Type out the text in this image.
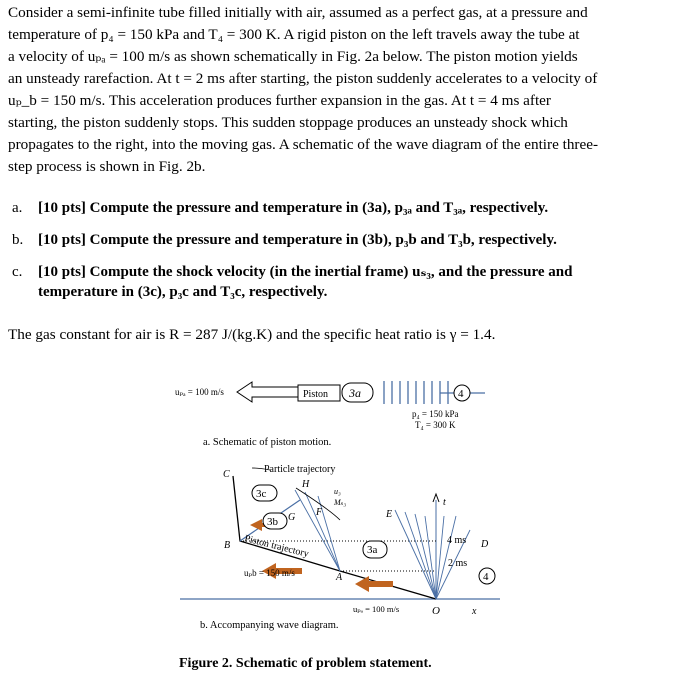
Consider a semi-infinite tube filled initially with air, assumed as a perfect gas, at a pressure and
temperature of p₄ = 150 kPa and T₄ = 300 K. A rigid piston on the left travels away the tube at
a velocity of uₚₐ = 100 m/s as shown schematically in Fig. 2a below. The piston motion yields
an unsteady rarefaction. At t = 2 ms after starting, the piston suddenly accelerates to a velocity of
uₚ_b = 150 m/s. This acceleration produces further expansion in the gas. At t = 4 ms after
starting, the piston suddenly stops. This sudden stoppage produces an unsteady shock which
propagates to the right, into the moving gas. A schematic of the wave diagram of the entire three-
step process is shown in Fig. 2b.
a. [10 pts] Compute the pressure and temperature in (3a), p₃ₐ and T₃ₐ, respectively.
b. [10 pts] Compute the pressure and temperature in (3b), p₃b and T₃b, respectively.
c. [10 pts] Compute the shock velocity (in the inertial frame) uₛ₃, and the pressure and
temperature in (3c), p₃c and T₃c, respectively.
The gas constant for air is R = 287 J/(kg.K) and the specific heat ratio is γ = 1.4.
uₚₐ = 100 m/s	Piston 3a	4
p₄ = 150 kPa
T₄ = 300 K
a. Schematic of piston motion.
t
Particle trajectory
H
C
3c	u₃
Mₛ₃
E
F
G
3b
B Piston trajectory	3a
uₚb = 150 m/s	A
4 ms
2 ms
D
4
uₚₐ = 100 m/s	O	x
b. Accompanying wave diagram.
Figure 2. Schematic of problem statement.
